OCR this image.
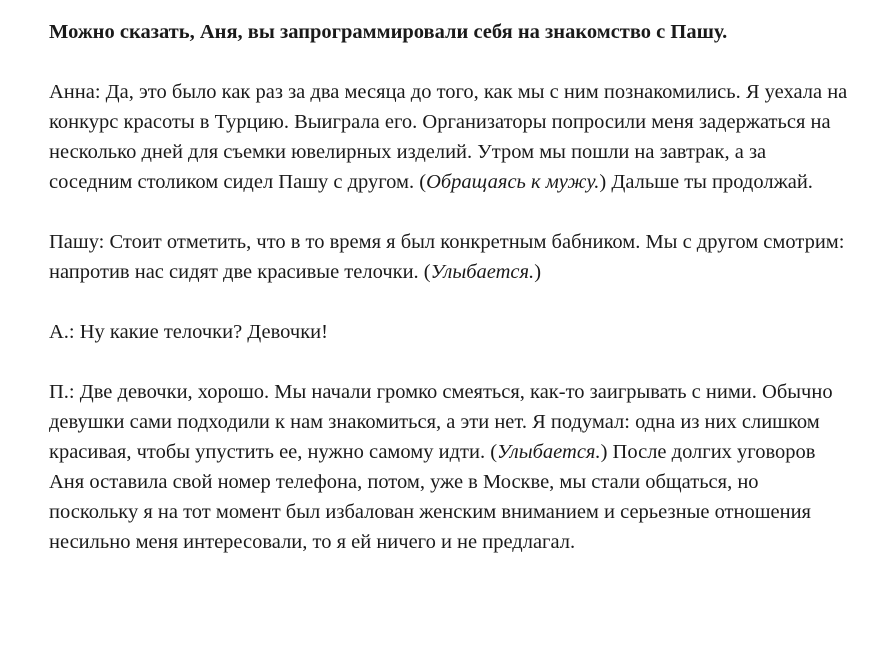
Можно сказать, Аня, вы запрограммировали себя на знакомство с Пашу.

Анна: Да, это было как раз за два месяца до того, как мы с ним познакомились. Я уехала на конкурс красоты в Турцию. Выиграла его. Организаторы попросили меня задержаться на несколько дней для съемки ювелирных изделий. Утром мы пошли на завтрак, а за соседним столиком сидел Пашу с другом. (Обращаясь к мужу.) Дальше ты продолжай.

Пашу: Стоит отметить, что в то время я был конкретным бабником. Мы с другом смотрим: напротив нас сидят две красивые телочки. (Улыбается.)

А.: Ну какие телочки? Девочки!

П.: Две девочки, хорошо. Мы начали громко смеяться, как-то заигрывать с ними. Обычно девушки сами подходили к нам знакомиться, а эти нет. Я подумал: одна из них слишком красивая, чтобы упустить ее, нужно самому идти. (Улыбается.) После долгих уговоров Аня оставила свой номер телефона, потом, уже в Москве, мы стали общаться, но поскольку я на тот момент был избалован женским вниманием и серьезные отношения несильно меня интересовали, то я ей ничего и не предлагал.
